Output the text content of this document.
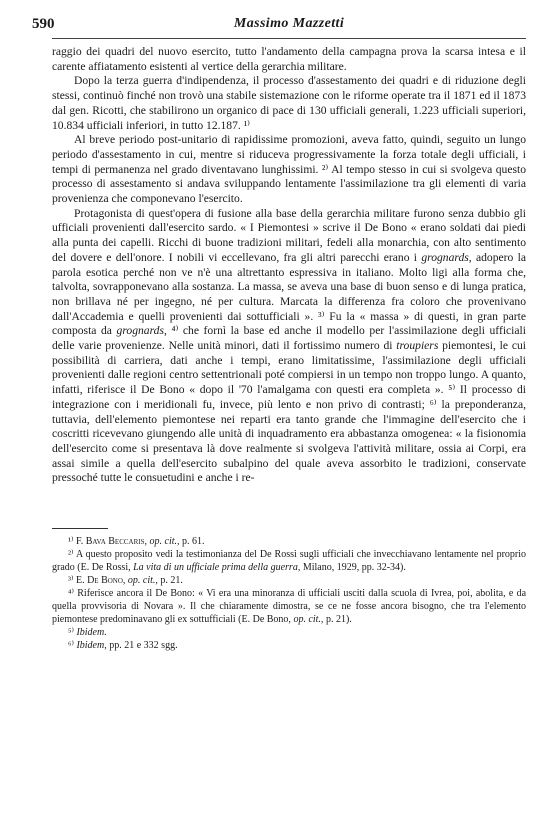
590	Massimo Mazzetti

raggio dei quadri del nuovo esercito, tutto l'andamento della campagna prova la scarsa intesa e il carente affiatamento esistenti al vertice della gerarchia militare.

Dopo la terza guerra d'indipendenza, il processo d'assestamento dei quadri e di riduzione degli stessi, continuò finché non trovò una stabile sistemazione con le riforme operate tra il 1871 ed il 1873 dal gen. Ricotti, che stabilirono un organico di pace di 130 ufficiali generali, 1.223 ufficiali superiori, 10.834 ufficiali inferiori, in tutto 12.187. ¹⁾

Al breve periodo post-unitario di rapidissime promozioni, aveva fatto, quindi, seguito un lungo periodo d'assestamento in cui, mentre si riduceva progressivamente la forza totale degli ufficiali, i tempi di permanenza nel grado diventavano lunghissimi. ²⁾ Al tempo stesso in cui si svolgeva questo processo di assestamento si andava sviluppando lentamente l'assimilazione tra gli elementi di varia provenienza che componevano l'esercito.

Protagonista di quest'opera di fusione alla base della gerarchia militare furono senza dubbio gli ufficiali provenienti dall'esercito sardo. « I Piemontesi » scrive il De Bono « erano soldati dai piedi alla punta dei capelli. Ricchi di buone tradizioni militari, fedeli alla monarchia, con alto sentimento del dovere e dell'onore. I nobili vi eccellevano, fra gli altri parecchi erano i grognards, adopero la parola esotica perché non ve n'è una altrettanto espressiva in italiano. Molto ligi alla forma che, talvolta, sovrapponevano alla sostanza. La massa, se aveva una base di buon senso e di lunga pratica, non brillava né per ingegno, né per cultura. Marcata la differenza fra coloro che provenivano dall'Accademia e quelli provenienti dai sottufficiali ». ³⁾ Fu la « massa » di questi, in gran parte composta da grognards, ⁴⁾ che fornì la base ed anche il modello per l'assimilazione degli ufficiali delle varie provenienze. Nelle unità minori, dati il fortissimo numero di troupiers piemontesi, le cui possibilità di carriera, dati anche i tempi, erano limitatissime, l'assimilazione degli ufficiali provenienti dalle regioni centro settentrionali poté compiersi in un tempo non troppo lungo. A quanto, infatti, riferisce il De Bono « dopo il '70 l'amalgama con questi era completa ». ⁵⁾ Il processo di integrazione con i meridionali fu, invece, più lento e non privo di contrasti; ⁶⁾ la preponderanza, tuttavia, dell'elemento piemontese nei reparti era tanto grande che l'immagine dell'esercito che i coscritti ricevevano giungendo alle unità di inquadramento era abbastanza omogenea: « la fisionomia dell'esercito come si presentava là dove realmente si svolgeva l'attività militare, ossia ai Corpi, era assai simile a quella dell'esercito subalpino del quale aveva assorbito le tradizioni, conservate pressoché tutte le consuetudini e anche i re-

¹⁾ F. Bava Beccaris, op. cit., p. 61.

²⁾ A questo proposito vedi la testimonianza del De Rossi sugli ufficiali che invecchiavano lentamente nel proprio grado (E. De Rossi, La vita di un ufficiale prima della guerra, Milano, 1929, pp. 32-34).

³⁾ E. De Bono, op. cit., p. 21.

⁴⁾ Riferisce ancora il De Bono: « Vi era una minoranza di ufficiali usciti dalla scuola di Ivrea, poi, abolita, e da quella provvisoria di Novara ». Il che chiaramente dimostra, se ce ne fosse ancora bisogno, che tra l'elemento piemontese predominavano gli ex sottufficiali (E. De Bono, op. cit., p. 21).

⁵⁾ Ibidem.

⁶⁾ Ibidem, pp. 21 e 332 sgg.
